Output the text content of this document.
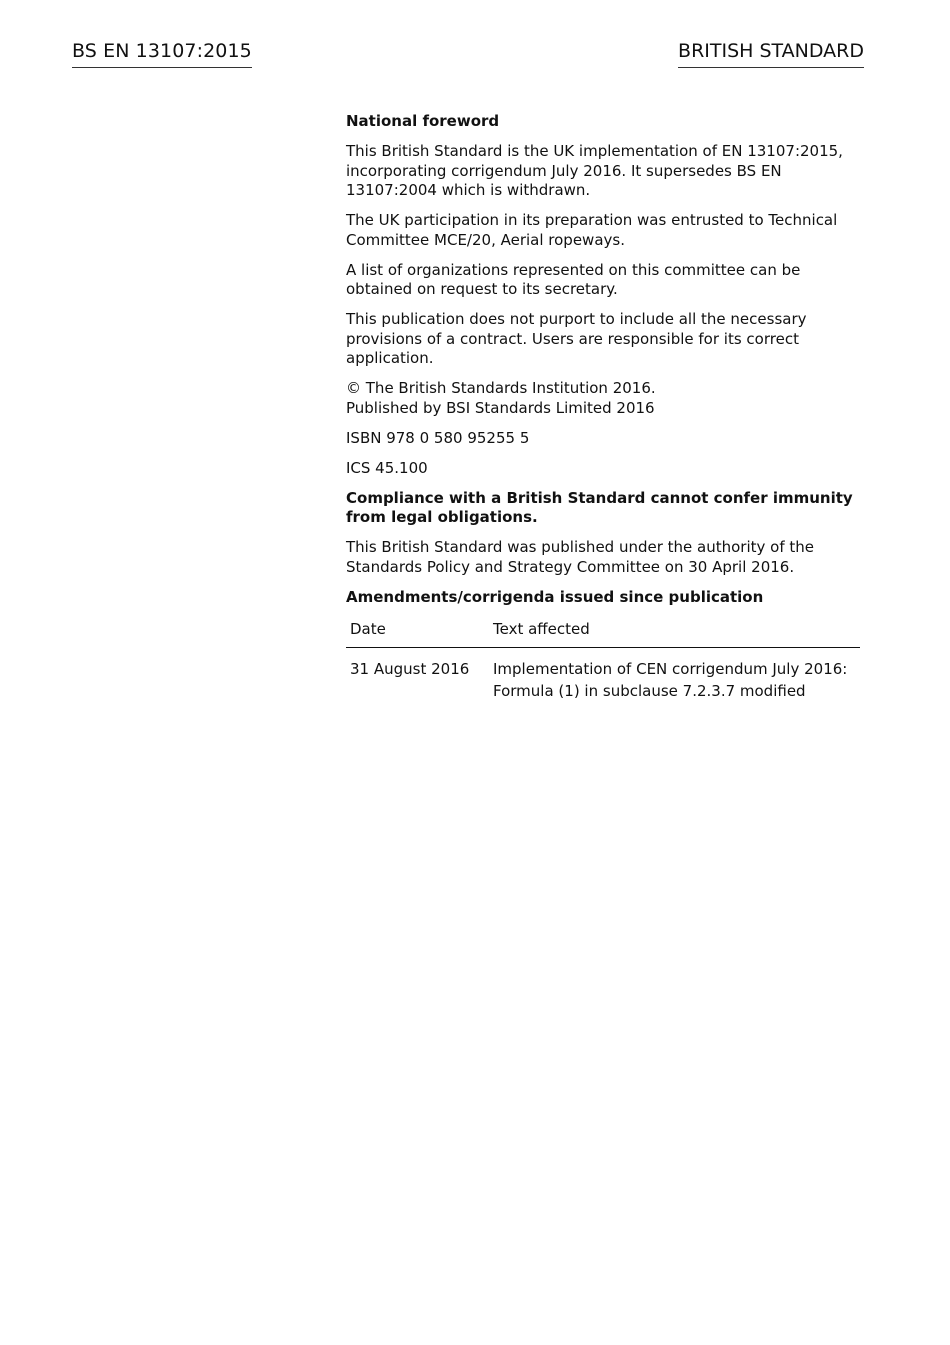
BS EN 13107:2015	BRITISH STANDARD

National foreword

This British Standard is the UK implementation of EN 13107:2015, incorporating corrigendum July 2016. It supersedes BS EN 13107:2004 which is withdrawn.

The UK participation in its preparation was entrusted to Technical Committee MCE/20, Aerial ropeways.

A list of organizations represented on this committee can be obtained on request to its secretary.

This publication does not purport to include all the necessary provisions of a contract. Users are responsible for its correct application.

© The British Standards Institution 2016.
Published by BSI Standards Limited 2016

ISBN 978 0 580 95255 5

ICS 45.100

Compliance with a British Standard cannot confer immunity from legal obligations.

This British Standard was published under the authority of the Standards Policy and Strategy Committee on 30 April 2016.

Amendments/corrigenda issued since publication

Date	Text affected
31 August 2016	Implementation of CEN corrigendum July 2016:
Formula (1) in subclause 7.2.3.7 modified
